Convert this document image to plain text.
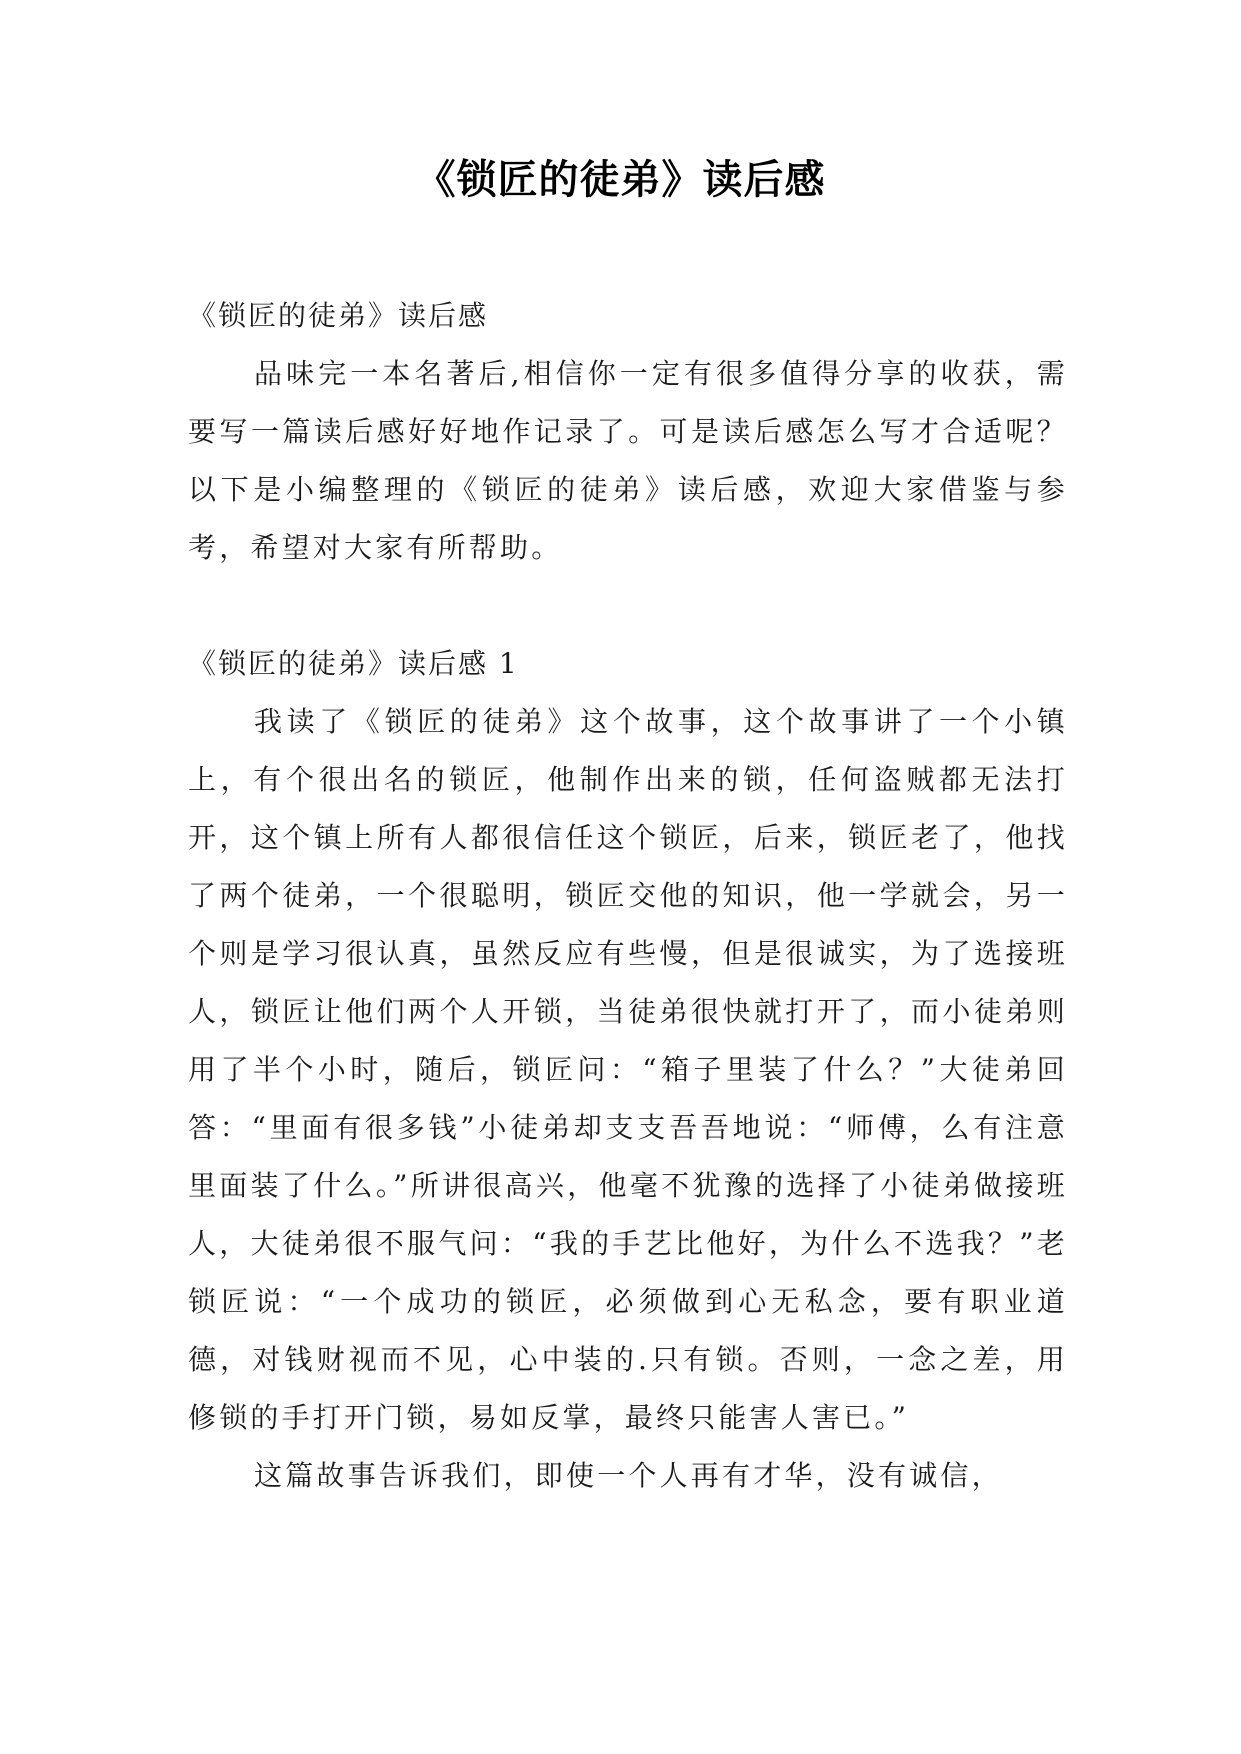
《锁匠的徒弟》读后感

《锁匠的徒弟》读后感

品味完一本名著后,相信你一定有很多值得分享的收获，需要写一篇读后感好好地作记录了。可是读后感怎么写才合适呢？以下是小编整理的《锁匠的徒弟》读后感，欢迎大家借鉴与参考，希望对大家有所帮助。

《锁匠的徒弟》读后感 1

我读了《锁匠的徒弟》这个故事，这个故事讲了一个小镇上，有个很出名的锁匠，他制作出来的锁，任何盗贼都无法打开，这个镇上所有人都很信任这个锁匠，后来，锁匠老了，他找了两个徒弟，一个很聪明，锁匠交他的知识，他一学就会，另一个则是学习很认真，虽然反应有些慢，但是很诚实，为了选接班人，锁匠让他们两个人开锁，当徒弟很快就打开了，而小徒弟则用了半个小时，随后，锁匠问：“箱子里装了什么？”大徒弟回答：“里面有很多钱”小徒弟却支支吾吾地说：“师傅，么有注意里面装了什么。”所讲很高兴，他毫不犹豫的选择了小徒弟做接班人，大徒弟很不服气问：“我的手艺比他好，为什么不选我？”老锁匠说：“一个成功的锁匠，必须做到心无私念，要有职业道德，对钱财视而不见，心中装的.只有锁。否则，一念之差，用修锁的手打开门锁，易如反掌，最终只能害人害已。”

这篇故事告诉我们，即使一个人再有才华，没有诚信，
